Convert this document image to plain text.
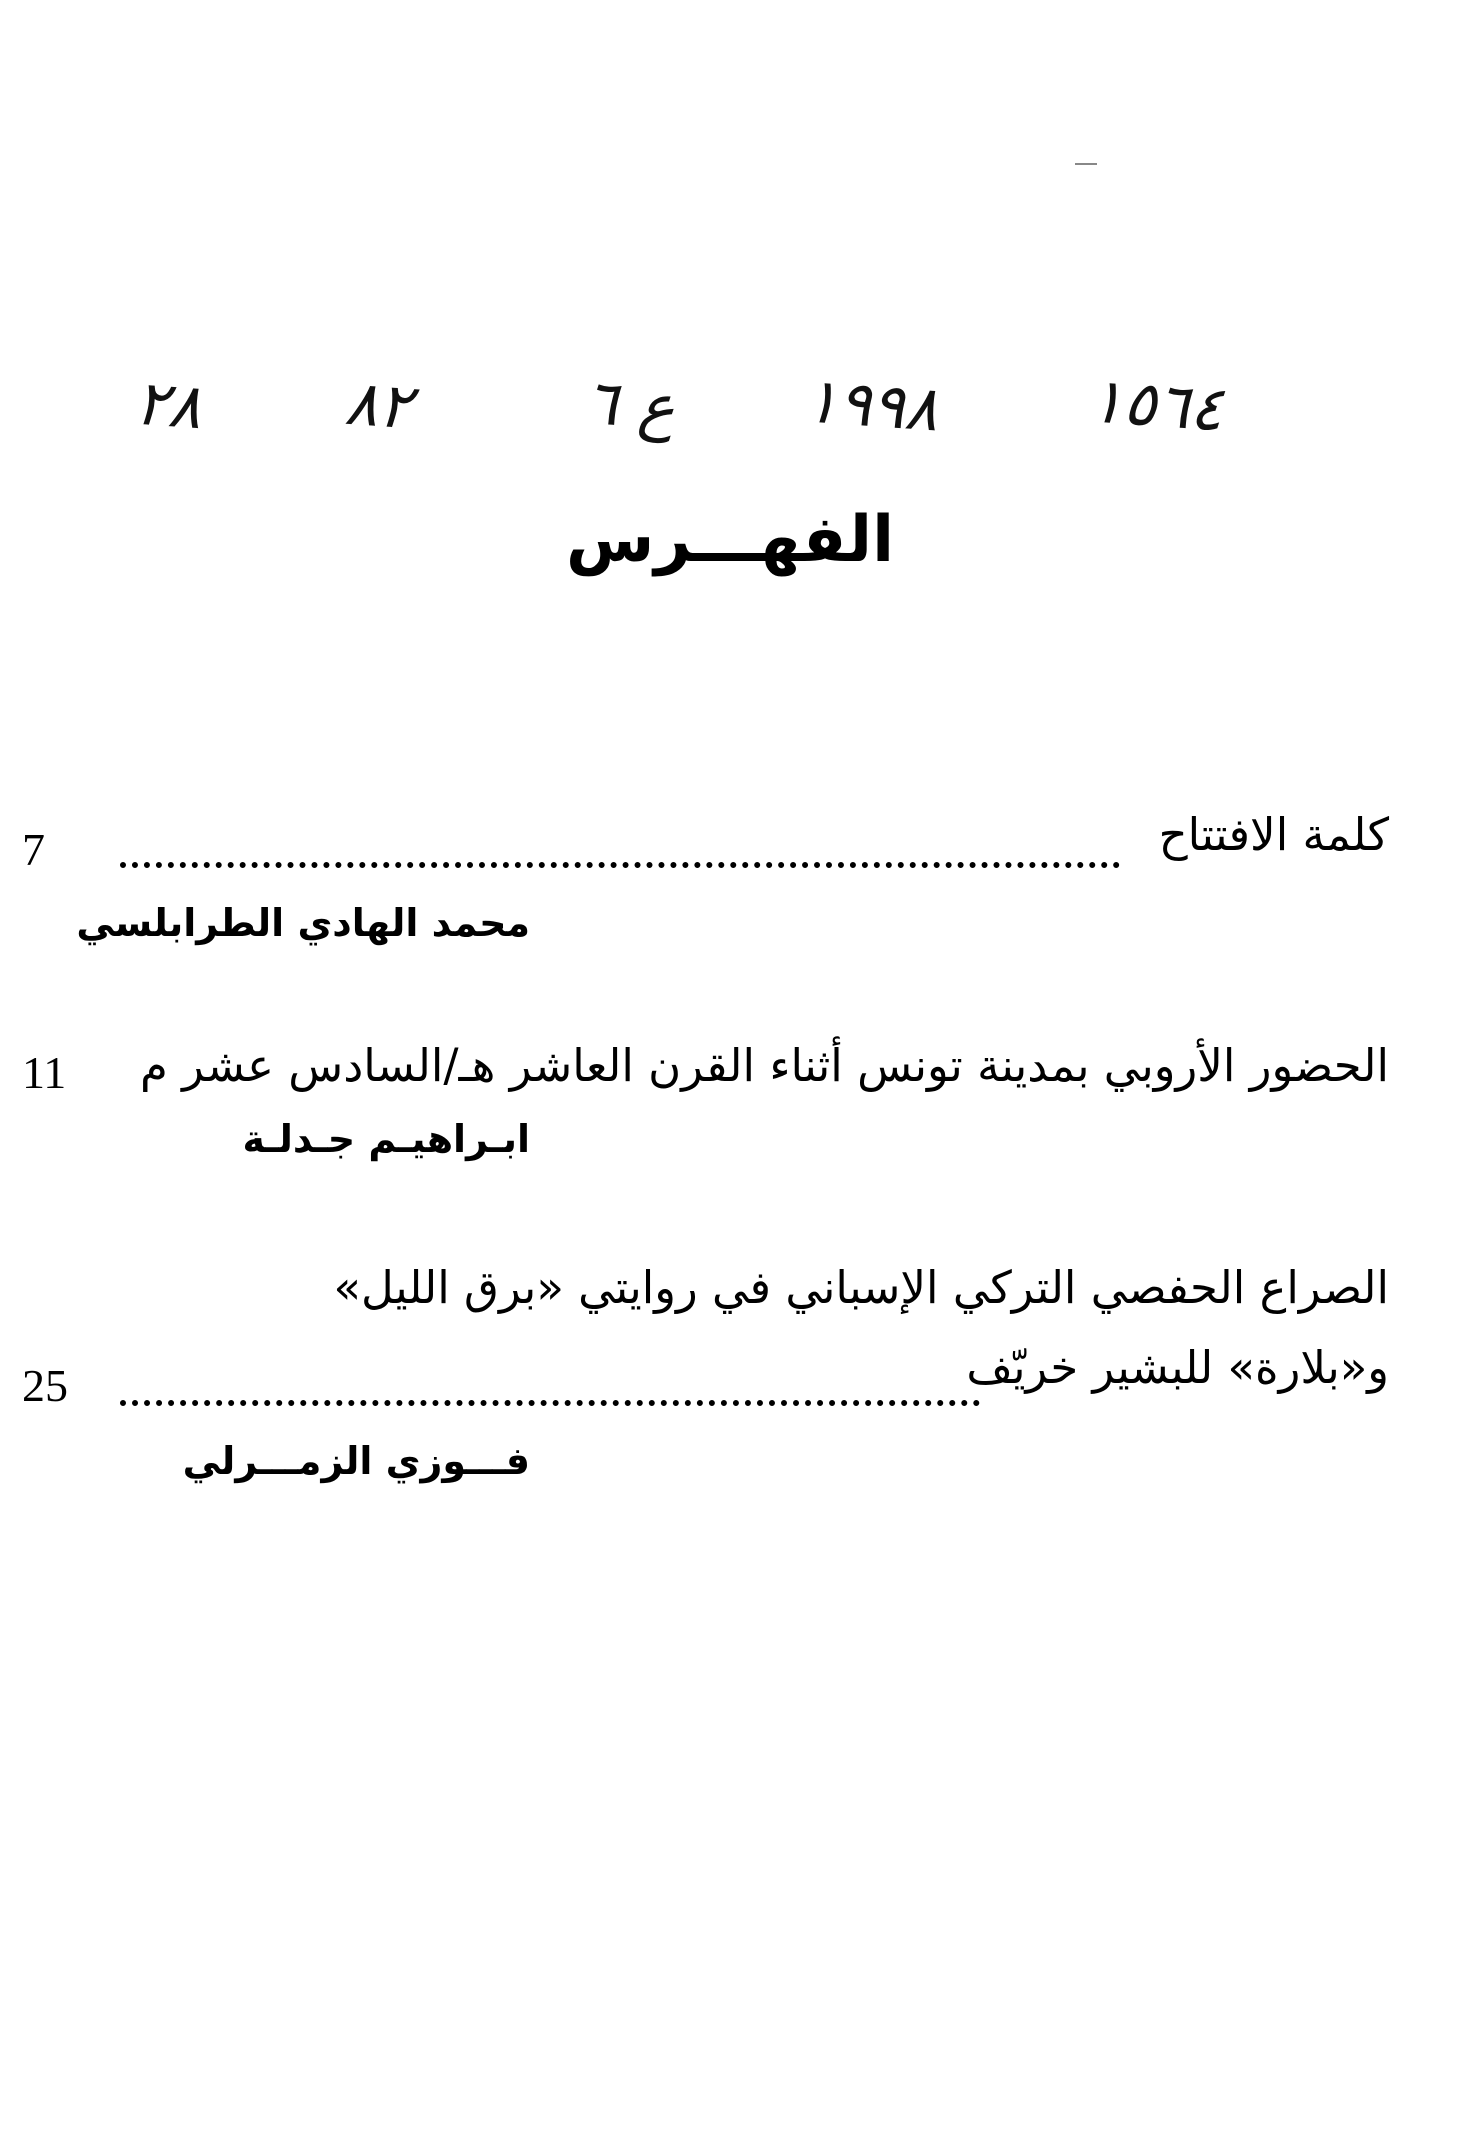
٢٨ ٨٢	ع ٦ ١٩٩٨ ١٥٦٤
الفهـــرس
كلمة الافتتاح
7
محمد الهادي الطرابلسي
الحضور الأروبي بمدينة تونس أثناء القرن العاشر هـ/السادس عشر م
11
ابـراهيـم جـدلـة
الصراع الحفصي التركي الإسباني في روايتي «برق الليل»
و«بلارة» للبشير خريّف
25
فـــوزي الزمـــرلي
